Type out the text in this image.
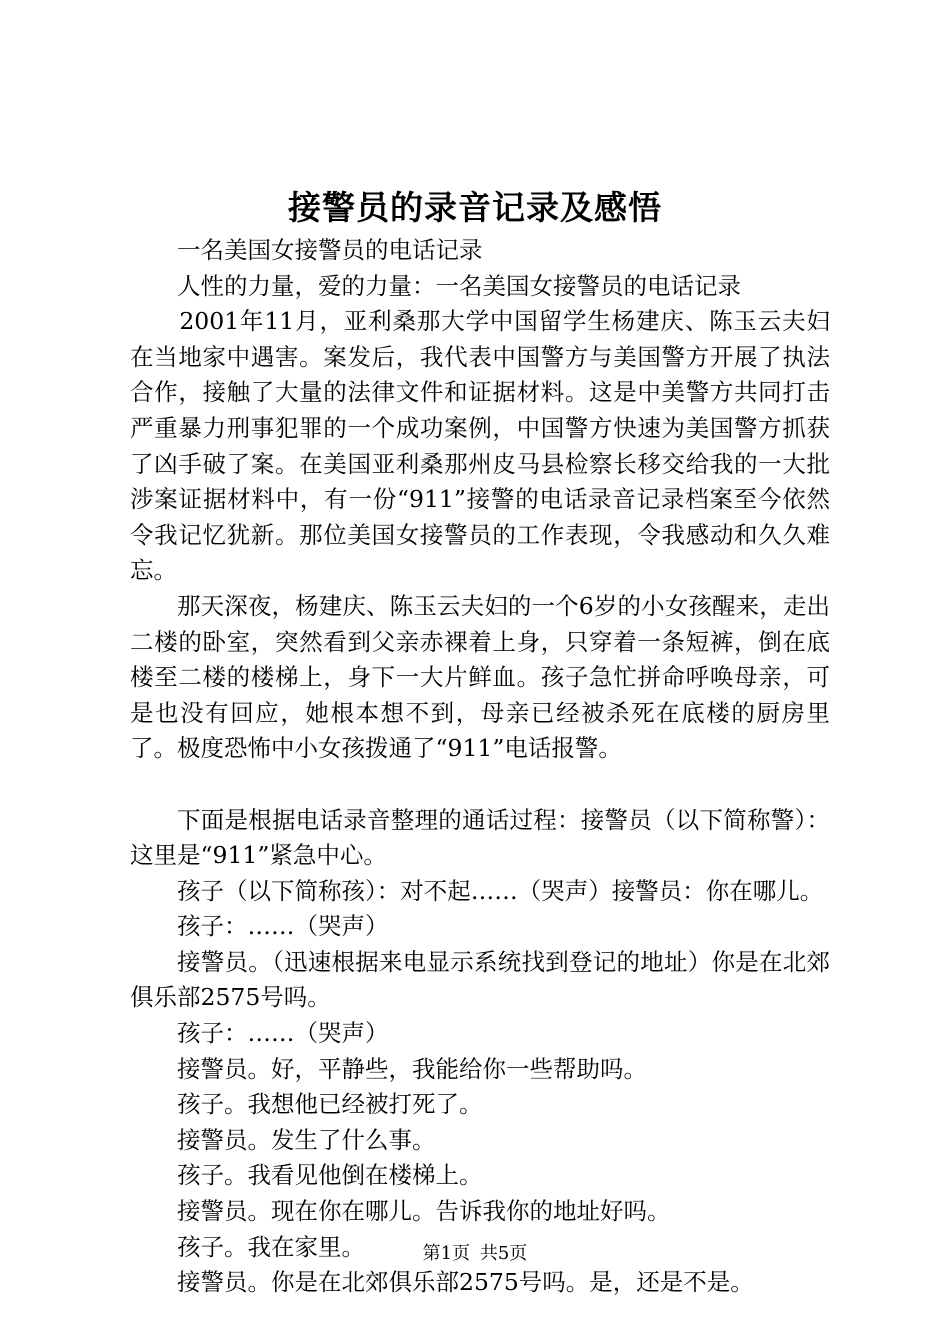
接警员的录音记录及感悟

一名美国女接警员的电话记录

人性的力量，爱的力量：一名美国女接警员的电话记录

2001年11月，亚利桑那大学中国留学生杨建庆、陈玉云夫妇在当地家中遇害。案发后，我代表中国警方与美国警方开展了执法合作，接触了大量的法律文件和证据材料。这是中美警方共同打击严重暴力刑事犯罪的一个成功案例，中国警方快速为美国警方抓获了凶手破了案。在美国亚利桑那州皮马县检察长移交给我的一大批涉案证据材料中，有一份“911”接警的电话录音记录档案至今依然令我记忆犹新。那位美国女接警员的工作表现，令我感动和久久难忘。

那天深夜，杨建庆、陈玉云夫妇的一个6岁的小女孩醒来，走出二楼的卧室，突然看到父亲赤裸着上身，只穿着一条短裤，倒在底楼至二楼的楼梯上，身下一大片鲜血。孩子急忙拼命呼唤母亲，可是也没有回应，她根本想不到，母亲已经被杀死在底楼的厨房里了。极度恐怖中小女孩拨通了“911”电话报警。

下面是根据电话录音整理的通话过程：接警员（以下简称警）：这里是“911”紧急中心。

孩子（以下简称孩）：对不起……（哭声）接警员：你在哪儿。

孩子：……（哭声）

接警员。（迅速根据来电显示系统找到登记的地址）你是在北郊俱乐部2575号吗。

孩子：……（哭声）

接警员。好，平静些，我能给你一些帮助吗。

孩子。我想他已经被打死了。

接警员。发生了什么事。

孩子。我看见他倒在楼梯上。

接警员。现在你在哪儿。告诉我你的地址好吗。

孩子。我在家里。

接警员。你是在北郊俱乐部2575号吗。是，还是不是。

第1页 共5页
